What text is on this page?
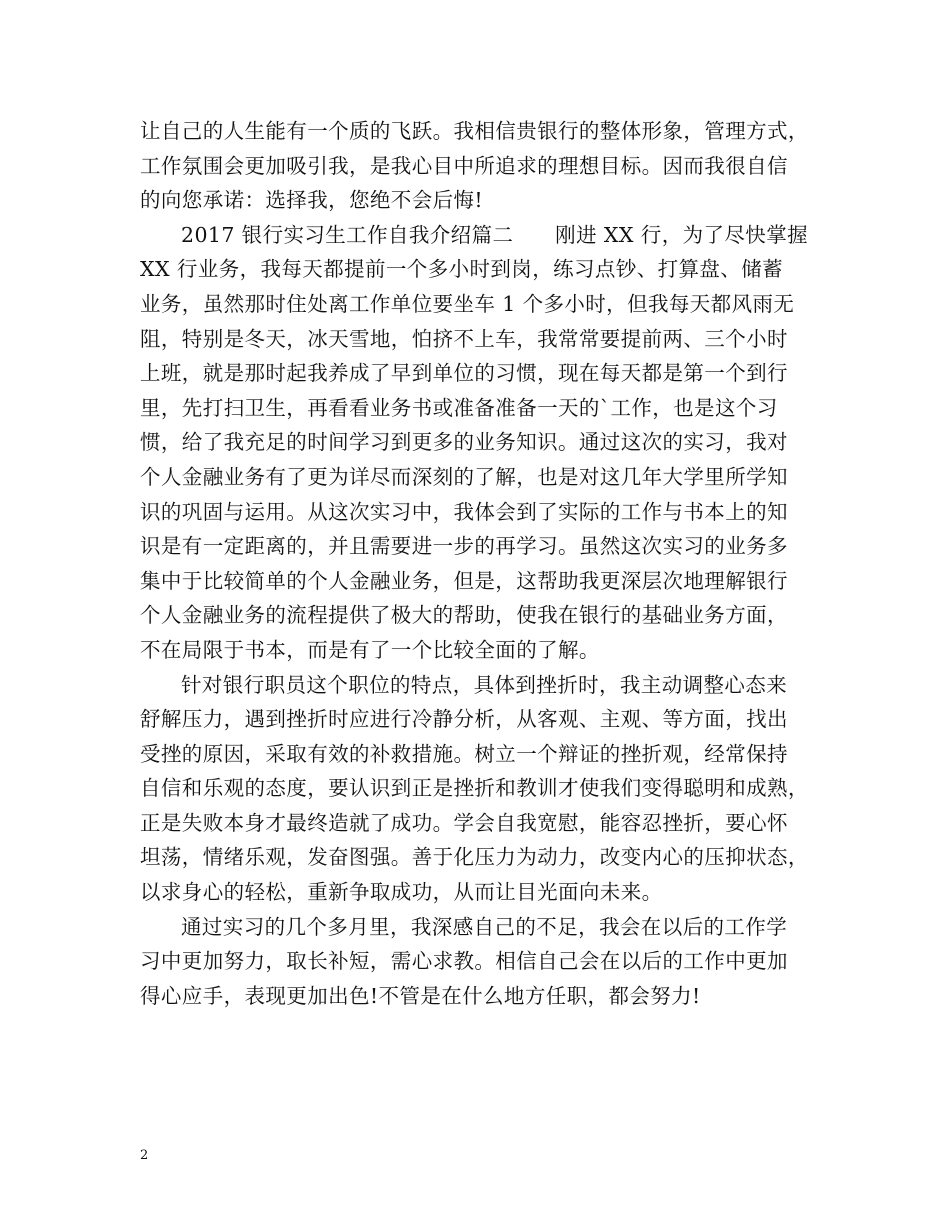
让自己的人生能有一个质的飞跃。我相信贵银行的整体形象，管理方式，
工作氛围会更加吸引我，是我心目中所追求的理想目标。因而我很自信
的向您承诺：选择我，您绝不会后悔!
2017 银行实习生工作自我介绍篇二　　刚进 XX 行，为了尽快掌握
XX 行业务，我每天都提前一个多小时到岗，练习点钞、打算盘、储蓄
业务，虽然那时住处离工作单位要坐车 1 个多小时，但我每天都风雨无
阻，特别是冬天，冰天雪地，怕挤不上车，我常常要提前两、三个小时
上班，就是那时起我养成了早到单位的习惯，现在每天都是第一个到行
里，先打扫卫生，再看看业务书或准备准备一天的`工作，也是这个习
惯，给了我充足的时间学习到更多的业务知识。通过这次的实习，我对
个人金融业务有了更为详尽而深刻的了解，也是对这几年大学里所学知
识的巩固与运用。从这次实习中，我体会到了实际的工作与书本上的知
识是有一定距离的，并且需要进一步的再学习。虽然这次实习的业务多
集中于比较简单的个人金融业务，但是，这帮助我更深层次地理解银行
个人金融业务的流程提供了极大的帮助，使我在银行的基础业务方面，
不在局限于书本，而是有了一个比较全面的了解。
针对银行职员这个职位的特点，具体到挫折时，我主动调整心态来
舒解压力，遇到挫折时应进行冷静分析，从客观、主观、等方面，找出
受挫的原因，采取有效的补救措施。树立一个辩证的挫折观，经常保持
自信和乐观的态度，要认识到正是挫折和教训才使我们变得聪明和成熟，
正是失败本身才最终造就了成功。学会自我宽慰，能容忍挫折，要心怀
坦荡，情绪乐观，发奋图强。善于化压力为动力，改变内心的压抑状态，
以求身心的轻松，重新争取成功，从而让目光面向未来。
通过实习的几个多月里，我深感自己的不足，我会在以后的工作学
习中更加努力，取长补短，需心求教。相信自己会在以后的工作中更加
得心应手，表现更加出色!不管是在什么地方任职，都会努力!
2
